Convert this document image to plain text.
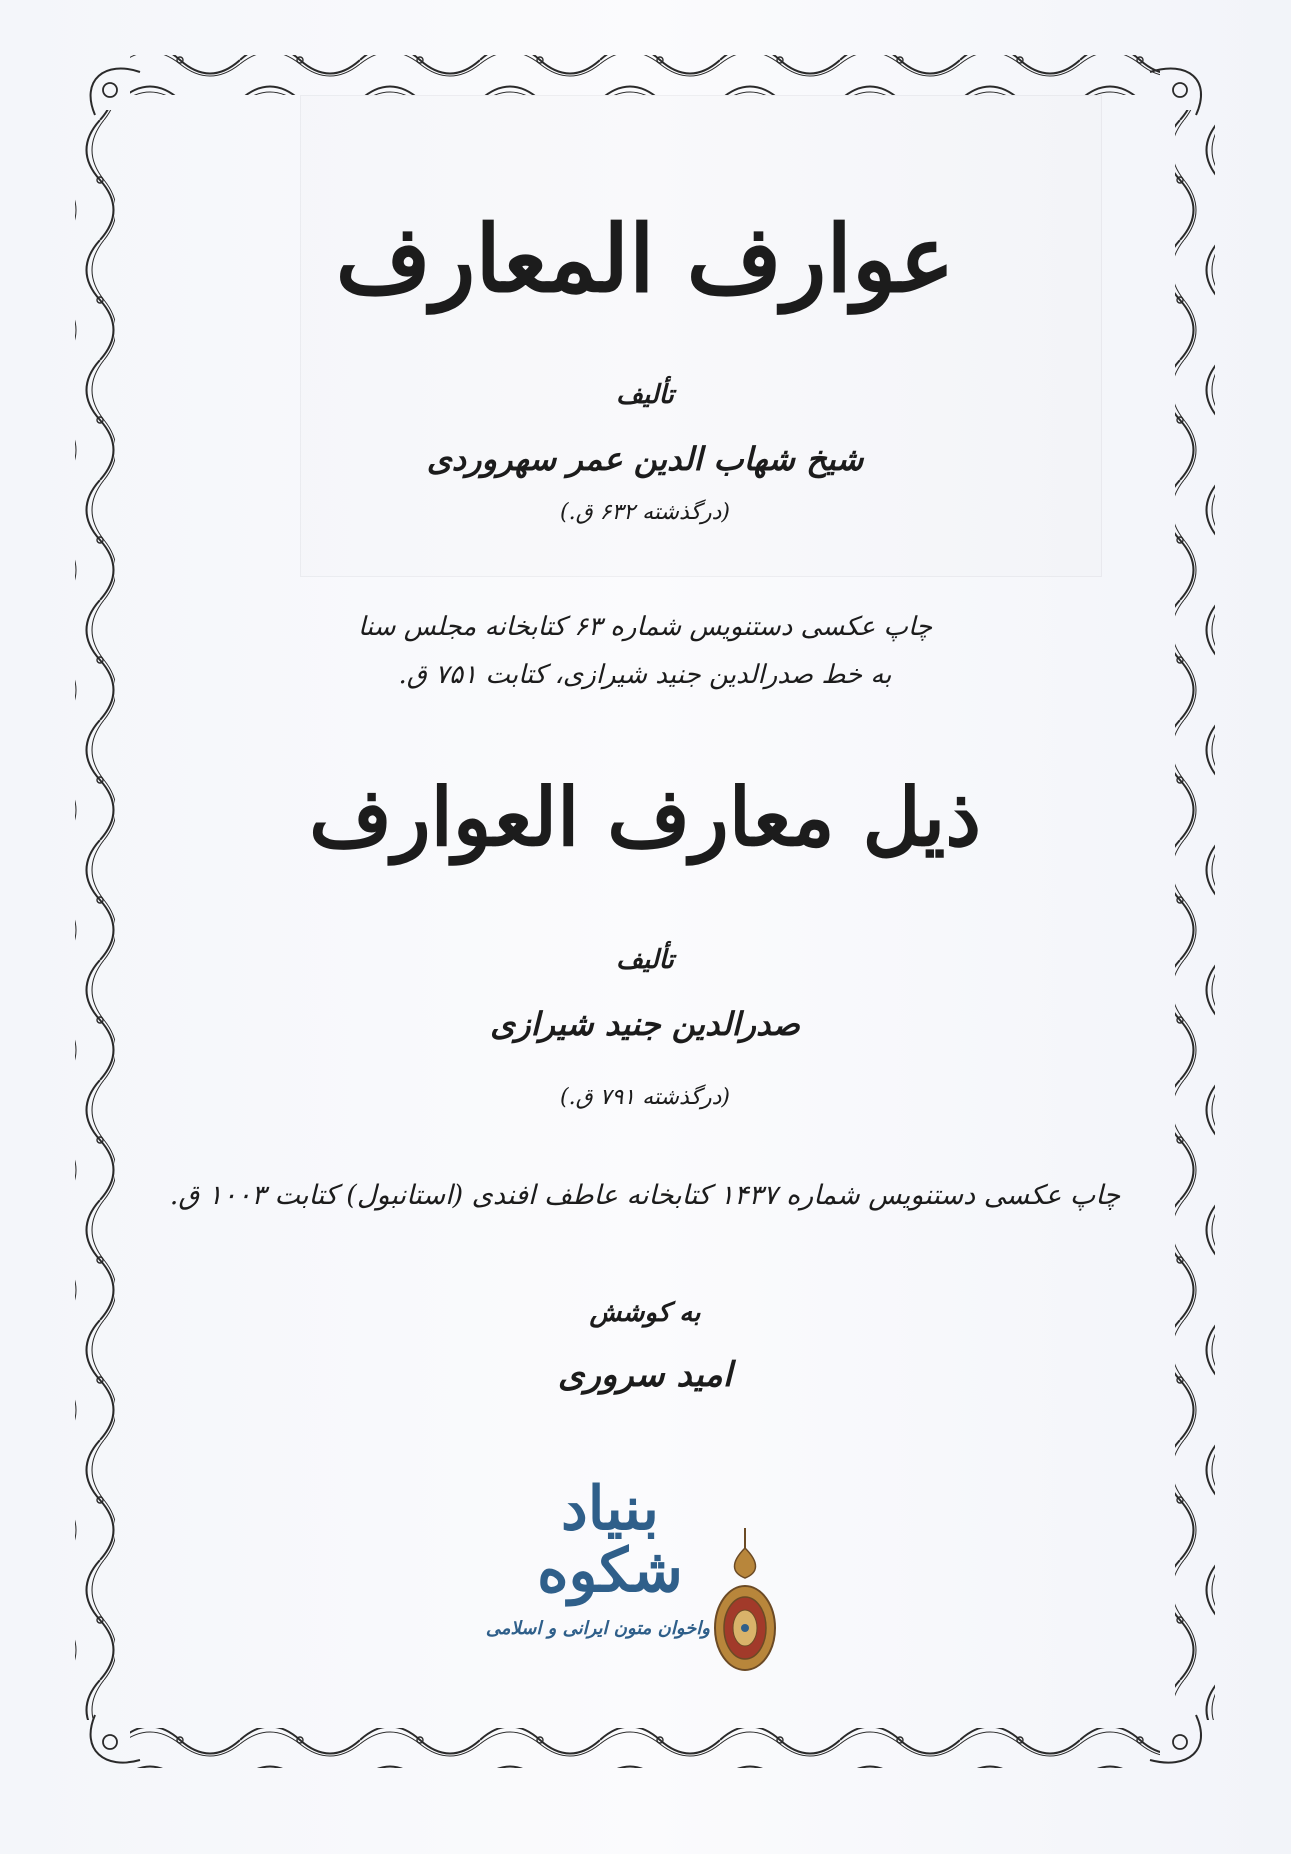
عوارف المعارف
تألیف
شیخ شهاب الدین عمر سهروردی
(درگذشته ۶۳۲ ق.)
چاپ عکسی دستنویس شماره ۶۳ کتابخانه مجلس سنا
به خط صدرالدین جنید شیرازی، کتابت ۷۵۱ ق.
ذیل معارف العوارف
تألیف
صدرالدین جنید شیرازی
(درگذشته ۷۹۱ ق.)
چاپ عکسی دستنویس شماره ۱۴۳۷ کتابخانه عاطف افندی (استانبول) کتابت ۱۰۰۳ ق.
به کوشش
امید سروری
بنیاد
شکوه
واخوان متون ایرانی و اسلامی
